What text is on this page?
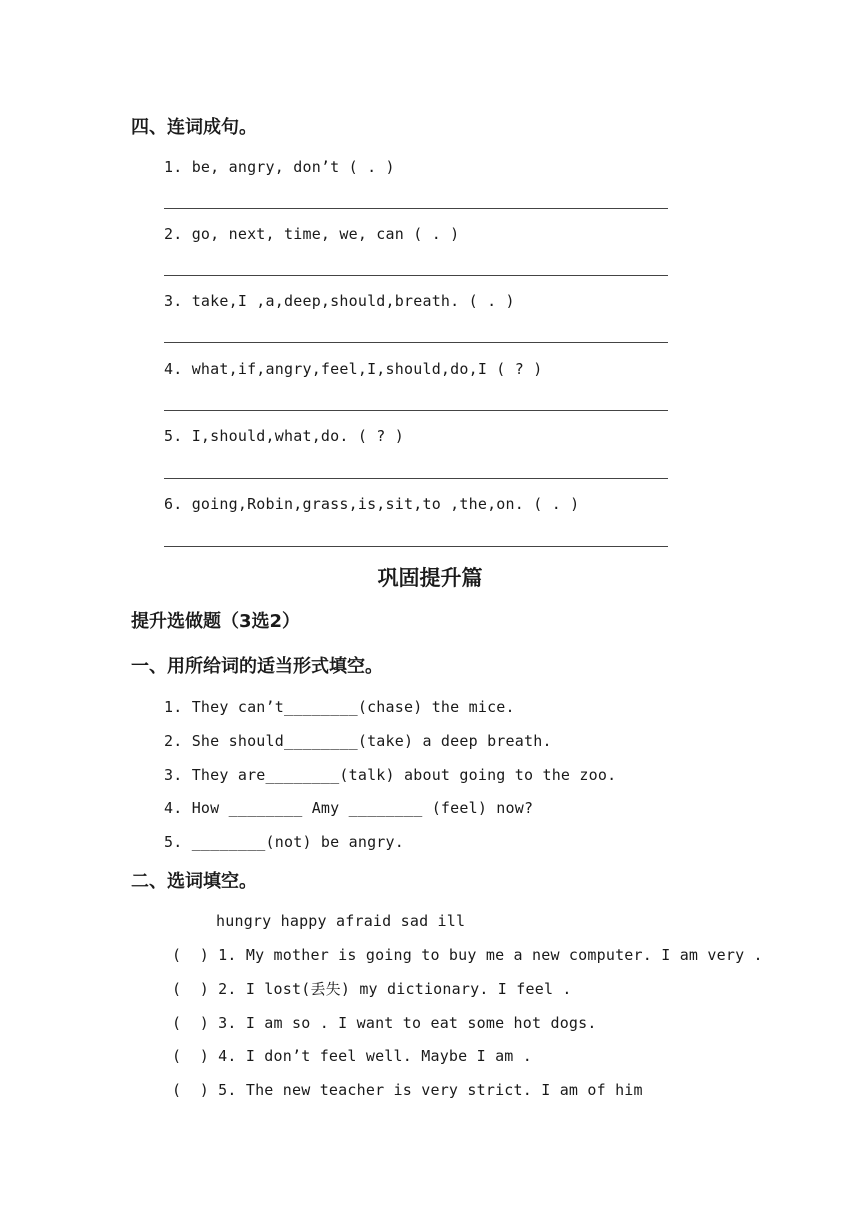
四、连词成句。
1. be, angry, don’t ( . )
2. go, next, time, we, can ( . )
3. take,I ,a,deep,should,breath. ( . )
4. what,if,angry,feel,I,should,do,I ( ? )
5. I,should,what,do. ( ? )
6. going,Robin,grass,is,sit,to ,the,on. ( . )
巩固提升篇
提升选做题（3选2）
一、用所给词的适当形式填空。
1. They can’t________(chase) the mice.
2. She should________(take) a deep breath.
3. They are________(talk) about going to the zoo.
4. How ________ Amy ________ (feel) now?
5. ________(not) be angry.
二、选词填空。
hungry happy afraid sad ill
(  ) 1. My mother is going to buy me a new computer. I am very .
(  ) 2. I lost(丢失) my dictionary. I feel .
(  ) 3. I am so . I want to eat some hot dogs.
(  ) 4. I don’t feel well. Maybe I am .
(  ) 5. The new teacher is very strict. I am of him
